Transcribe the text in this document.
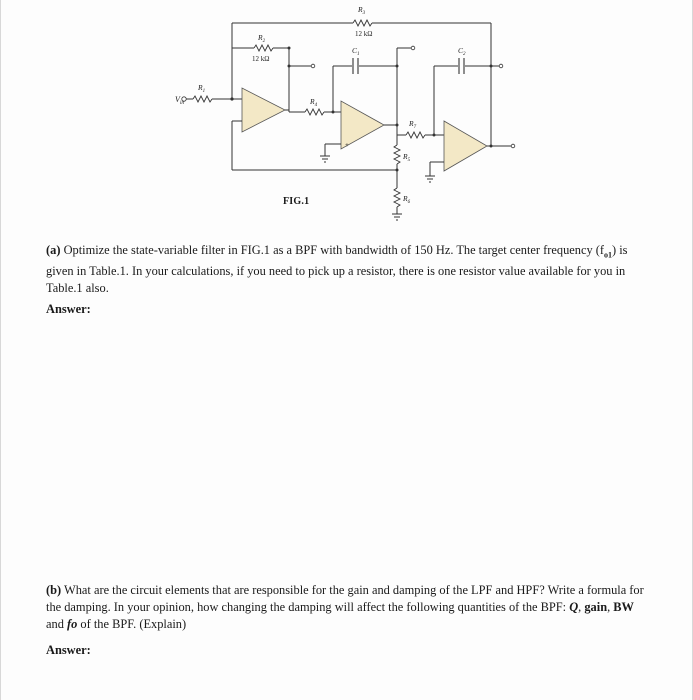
$V_{in}$
$R_1$
$R_2$
12 kΩ
$R_3$
12 kΩ
$R_4$
$C_1$	$C_2$
$R_7$
$R_5$
$R_6$
+
FIG.1
(a) Optimize the state-variable filter in FIG.1 as a BPF with bandwidth of 150 Hz. The target center frequency $(f_{o1})$ is given in Table.1. In your calculations, if you need to pick up a resistor, there is one resistor value available for you in Table.1 also.
Answer:
(b) What are the circuit elements that are responsible for the gain and damping of the LPF and HPF? Write a formula for the damping. In your opinion, how changing the damping will affect the following quantities of the BPF: Q, gain, BW and fo of the BPF. (Explain)
Answer:
